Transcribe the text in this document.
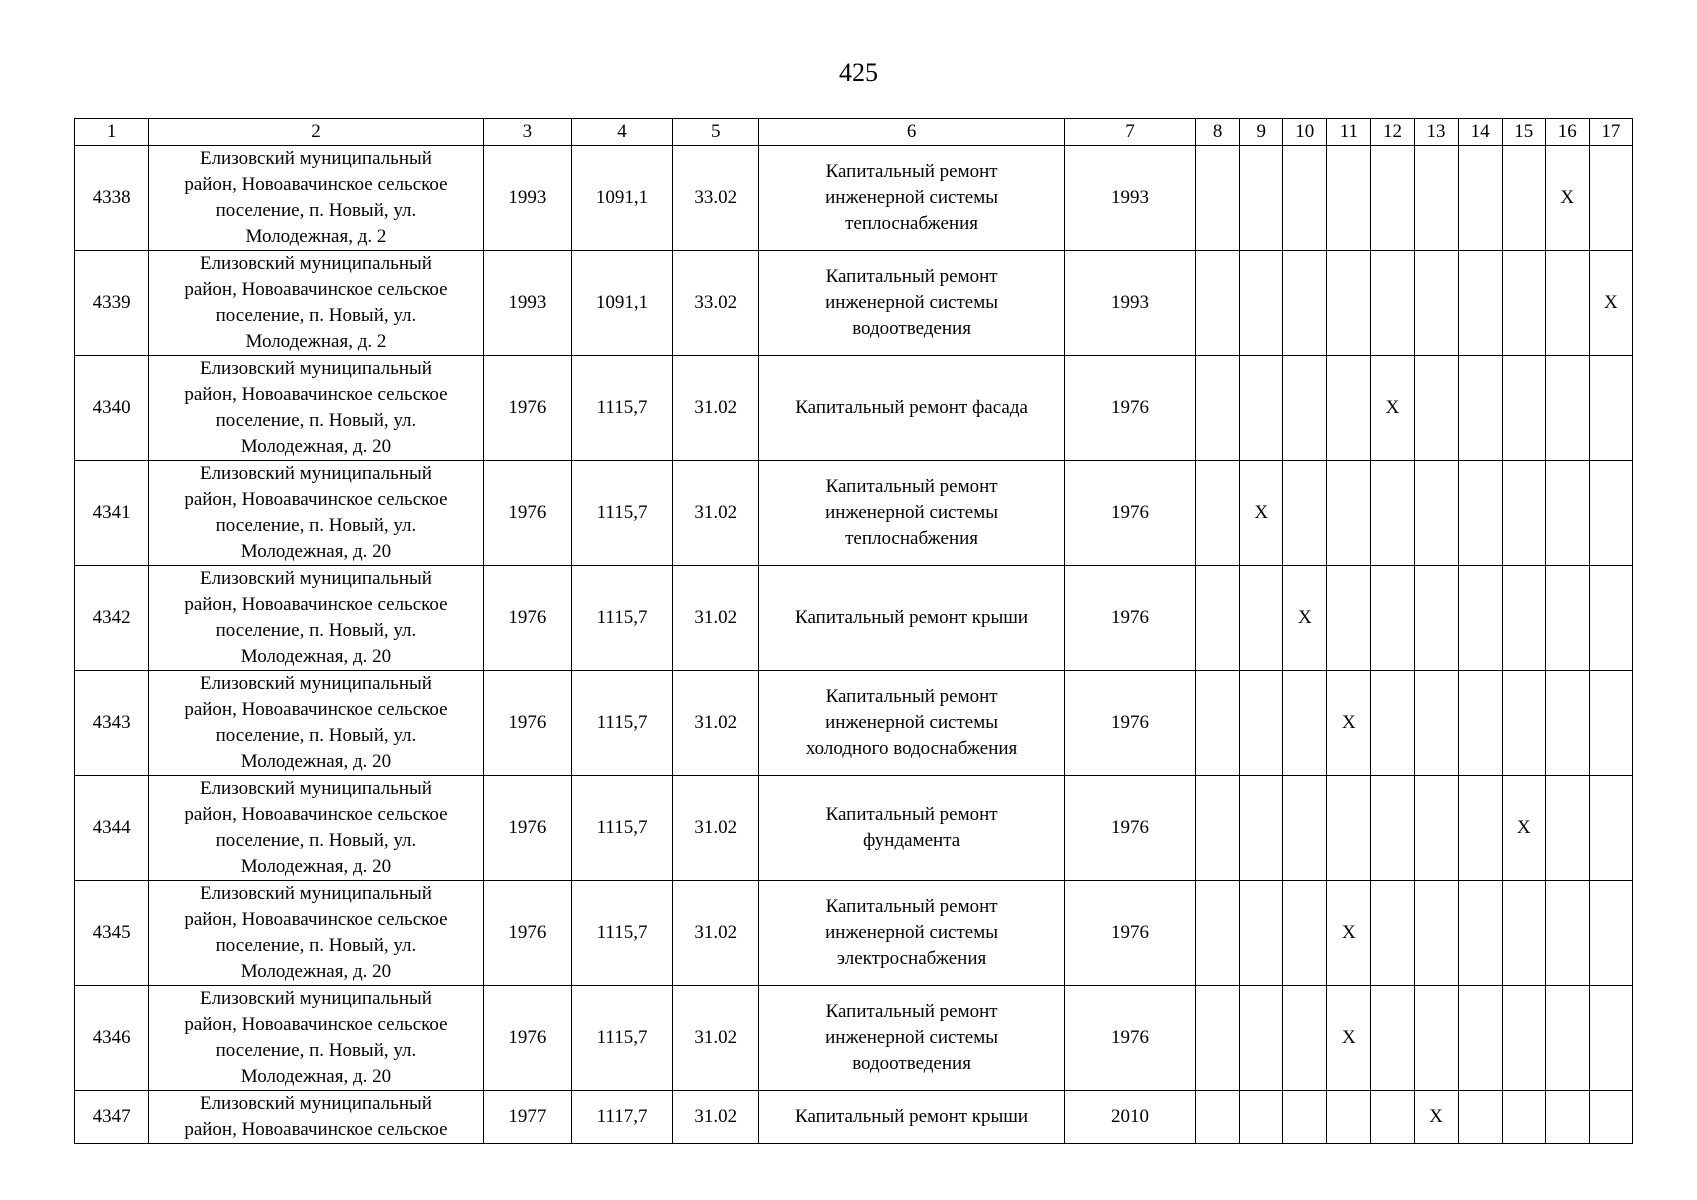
425
1	2	3	4	5	6	7	8	9	10	11	12	13	14	15	16	17
4338	Елизовский муниципальный
район, Новоавачинское сельское
поселение, п. Новый, ул.
Молодежная, д. 2	1993	1091,1	33.02	Капитальный ремонт
инженерной системы
теплоснабжения	1993									X	
4339	Елизовский муниципальный
район, Новоавачинское сельское
поселение, п. Новый, ул.
Молодежная, д. 2	1993	1091,1	33.02	Капитальный ремонт
инженерной системы
водоотведения	1993										X
4340	Елизовский муниципальный
район, Новоавачинское сельское
поселение, п. Новый, ул.
Молодежная, д. 20	1976	1115,7	31.02	Капитальный ремонт фасада	1976					X					
4341	Елизовский муниципальный
район, Новоавачинское сельское
поселение, п. Новый, ул.
Молодежная, д. 20	1976	1115,7	31.02	Капитальный ремонт
инженерной системы
теплоснабжения	1976		X								
4342	Елизовский муниципальный
район, Новоавачинское сельское
поселение, п. Новый, ул.
Молодежная, д. 20	1976	1115,7	31.02	Капитальный ремонт крыши	1976			X							
4343	Елизовский муниципальный
район, Новоавачинское сельское
поселение, п. Новый, ул.
Молодежная, д. 20	1976	1115,7	31.02	Капитальный ремонт
инженерной системы
холодного водоснабжения	1976				X						
4344	Елизовский муниципальный
район, Новоавачинское сельское
поселение, п. Новый, ул.
Молодежная, д. 20	1976	1115,7	31.02	Капитальный ремонт
фундамента	1976								X		
4345	Елизовский муниципальный
район, Новоавачинское сельское
поселение, п. Новый, ул.
Молодежная, д. 20	1976	1115,7	31.02	Капитальный ремонт
инженерной системы
электроснабжения	1976				X						
4346	Елизовский муниципальный
район, Новоавачинское сельское
поселение, п. Новый, ул.
Молодежная, д. 20	1976	1115,7	31.02	Капитальный ремонт
инженерной системы
водоотведения	1976				X						
4347	Елизовский муниципальный
район, Новоавачинское сельское	1977	1117,7	31.02	Капитальный ремонт крыши	2010						X				
